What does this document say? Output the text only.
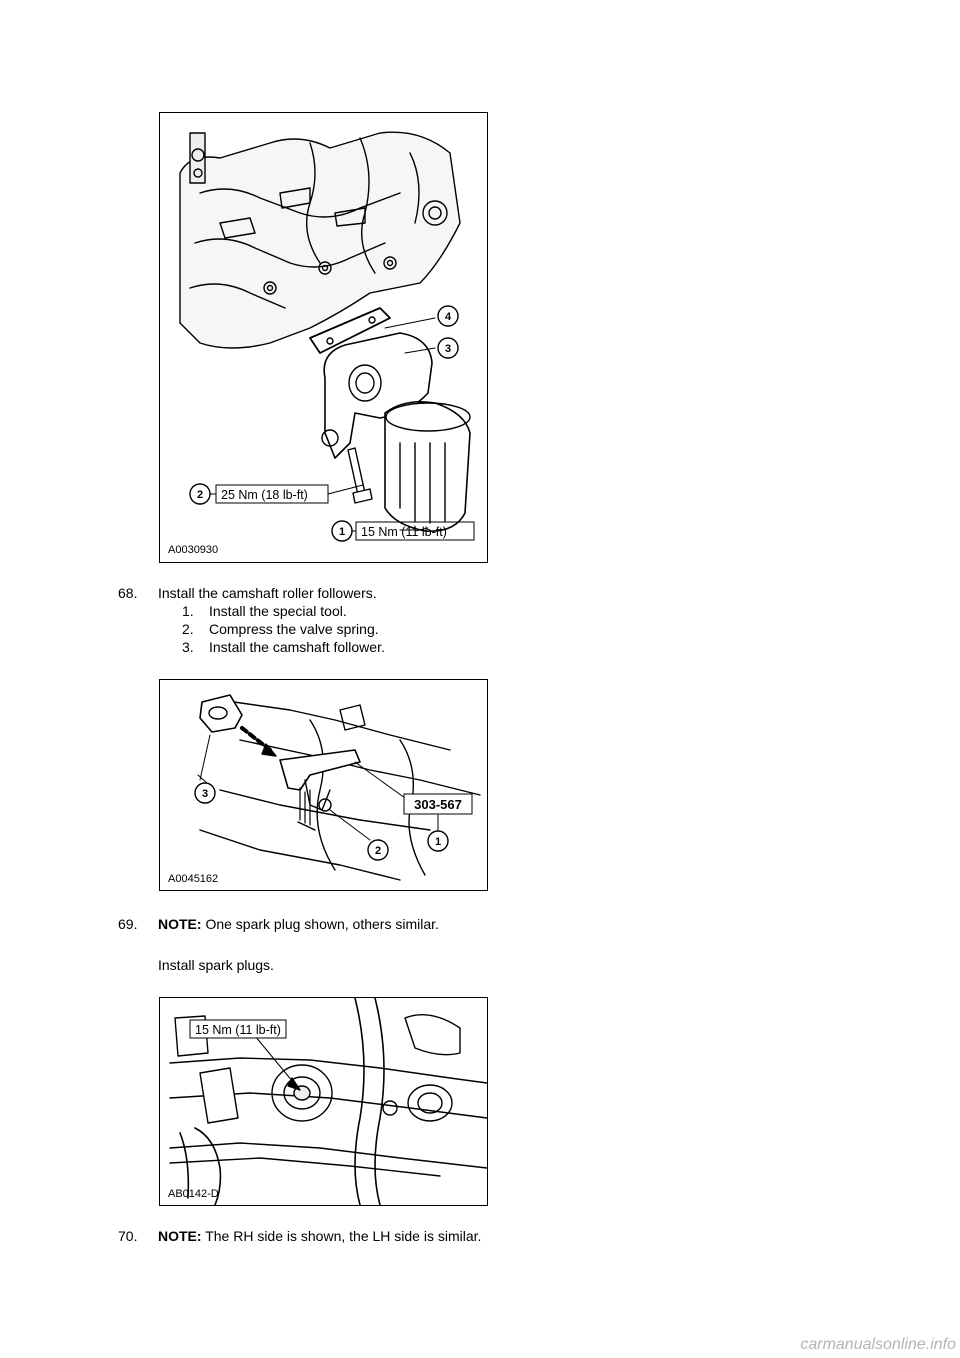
4
3
2
1
25 Nm (18 lb-ft)
15 Nm (11 lb-ft)
A0030930
68. Install the camshaft roller followers.
1. Install the special tool.
2. Compress the valve spring.
3. Install the camshaft follower.
3
2
1
303-567
A0045162
69. NOTE: One spark plug shown, others similar.
Install spark plugs.
15 Nm (11 lb-ft)
AB0142-D
70. NOTE: The RH side is shown, the LH side is similar.
carmanualsonline.info
